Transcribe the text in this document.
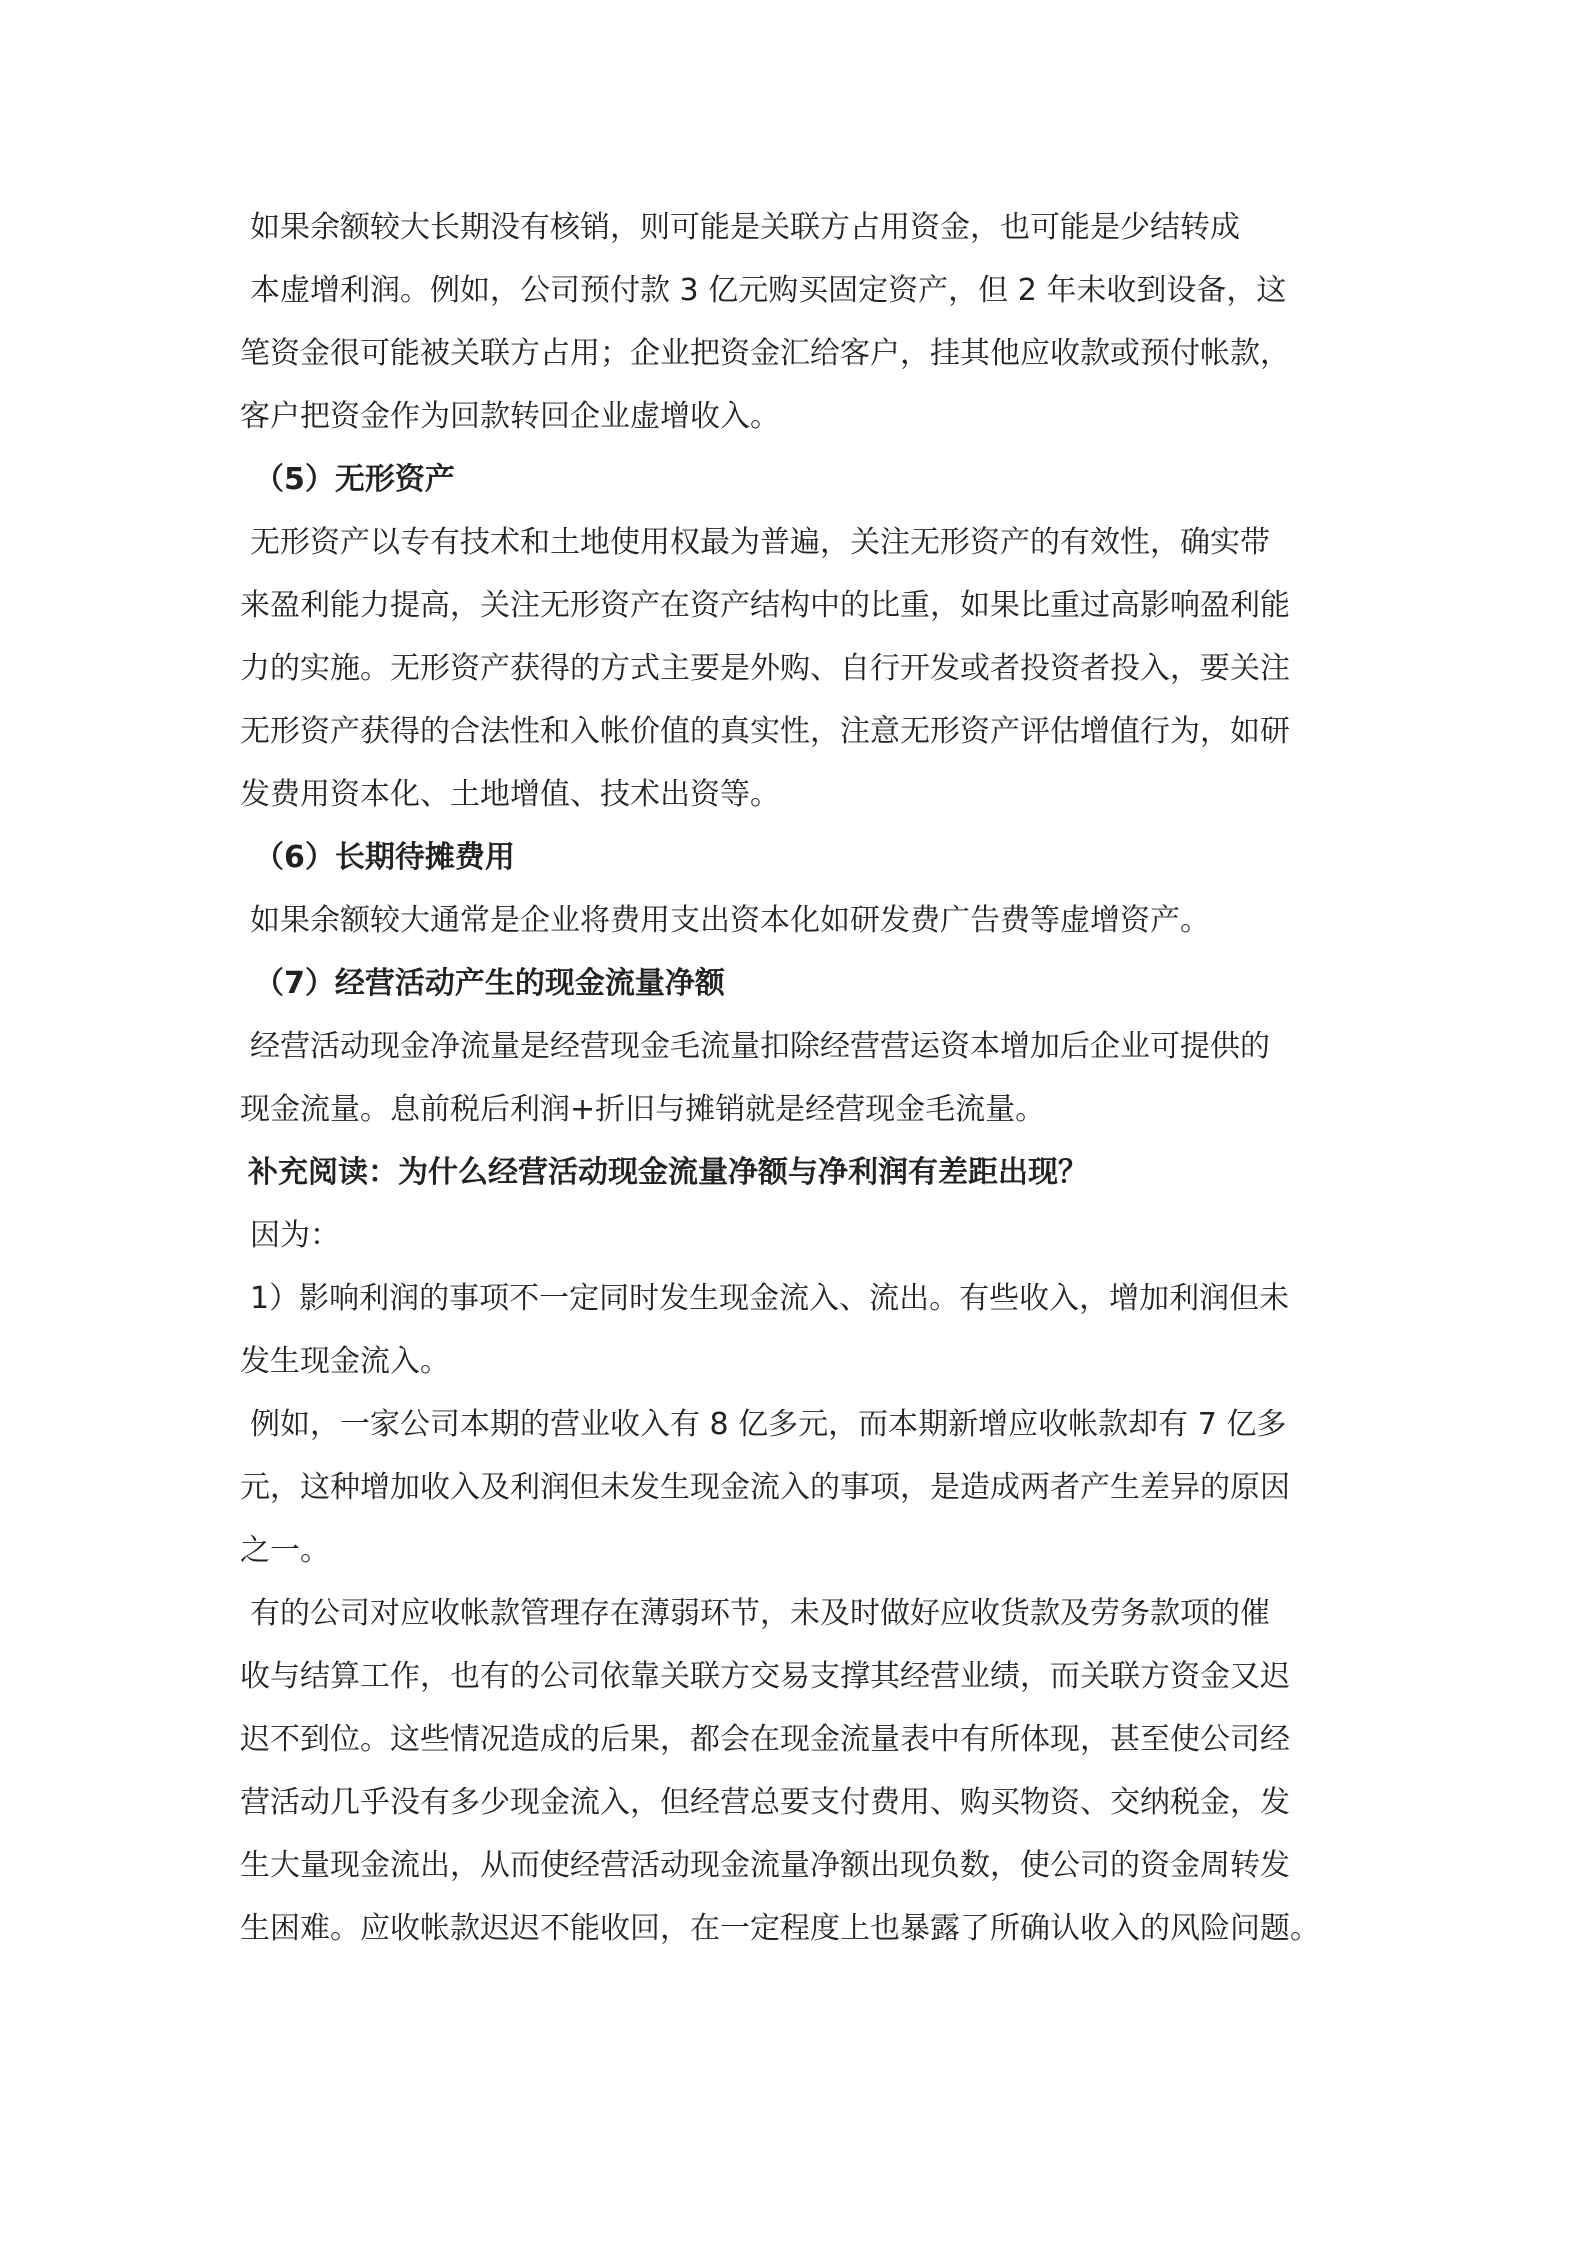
如果余额较大长期没有核销，则可能是关联方占用资金，也可能是少结转成
本虚增利润。例如，公司预付款 3 亿元购买固定资产，但 2 年未收到设备，这
笔资金很可能被关联方占用；企业把资金汇给客户，挂其他应收款或预付帐款，
客户把资金作为回款转回企业虚增收入。
（5）无形资产
无形资产以专有技术和土地使用权最为普遍，关注无形资产的有效性，确实带
来盈利能力提高，关注无形资产在资产结构中的比重，如果比重过高影响盈利能
力的实施。无形资产获得的方式主要是外购、自行开发或者投资者投入，要关注
无形资产获得的合法性和入帐价值的真实性，注意无形资产评估增值行为，如研
发费用资本化、土地增值、技术出资等。
（6）长期待摊费用
如果余额较大通常是企业将费用支出资本化如研发费广告费等虚增资产。
（7）经营活动产生的现金流量净额
经营活动现金净流量是经营现金毛流量扣除经营营运资本增加后企业可提供的
现金流量。息前税后利润+折旧与摊销就是经营现金毛流量。
补充阅读：为什么经营活动现金流量净额与净利润有差距出现？
因为：
1）影响利润的事项不一定同时发生现金流入、流出。有些收入，增加利润但未
发生现金流入。
例如，一家公司本期的营业收入有 8 亿多元，而本期新增应收帐款却有 7 亿多
元，这种增加收入及利润但未发生现金流入的事项，是造成两者产生差异的原因
之一。
有的公司对应收帐款管理存在薄弱环节，未及时做好应收货款及劳务款项的催
收与结算工作，也有的公司依靠关联方交易支撑其经营业绩，而关联方资金又迟
迟不到位。这些情况造成的后果，都会在现金流量表中有所体现，甚至使公司经
营活动几乎没有多少现金流入，但经营总要支付费用、购买物资、交纳税金，发
生大量现金流出，从而使经营活动现金流量净额出现负数，使公司的资金周转发
生困难。应收帐款迟迟不能收回，在一定程度上也暴露了所确认收入的风险问题。
